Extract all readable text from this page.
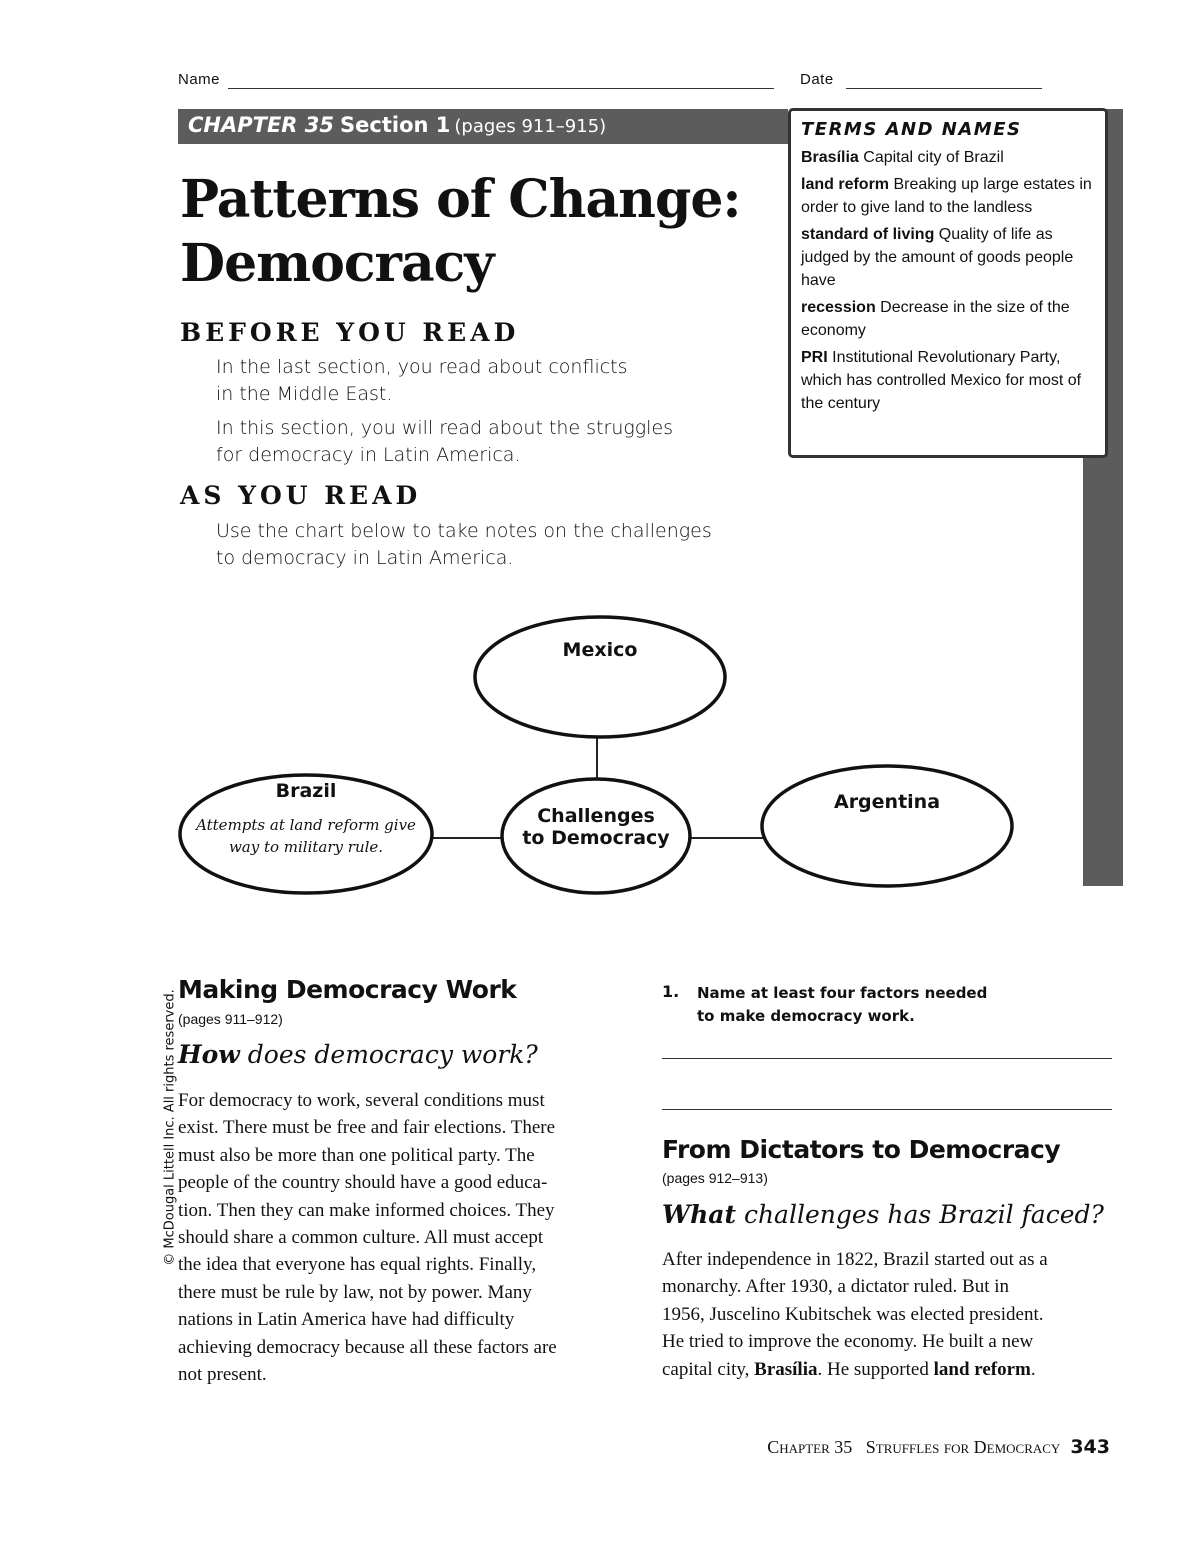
Name	Date
CHAPTER 35 Section 1 (pages 911–915)	TERMS AND NAMES
Brasília Capital city of Brazil
land reform Breaking up large estates in order to give land to the landless
standard of living Quality of life as judged by the amount of goods people have
recession Decrease in the size of the economy
PRI Institutional Revolutionary Party, which has controlled Mexico for most of the century
Patterns of Change:
Democracy
BEFORE YOU READ
In the last section, you read about conflicts
in the Middle East.
In this section, you will read about the struggles
for democracy in Latin America.
AS YOU READ
Use the chart below to take notes on the challenges
to democracy in Latin America.
Mexico
Challenges
to Democracy
Brazil
Attempts at land reform give
way to military rule.
Argentina
© McDougal Littell Inc. All rights reserved. Making Democracy Work
(pages 911–912)
How does democracy work?
For democracy to work, several conditions must
exist. There must be free and fair elections. There
must also be more than one political party. The
people of the country should have a good educa-
tion. Then they can make informed choices. They
should share a common culture. All must accept
the idea that everyone has equal rights. Finally,
there must be rule by law, not by power. Many
nations in Latin America have had difficulty
achieving democracy because all these factors are
not present.
1. Name at least four factors needed
to make democracy work.
From Dictators to Democracy
(pages 912–913)
What challenges has Brazil faced?
After independence in 1822, Brazil started out as a
monarchy. After 1930, a dictator ruled. But in
1956, Juscelino Kubitschek was elected president.
He tried to improve the economy. He built a new
capital city, Brasília. He supported land reform.
Chapter 35   Struffles for Democracy 343
